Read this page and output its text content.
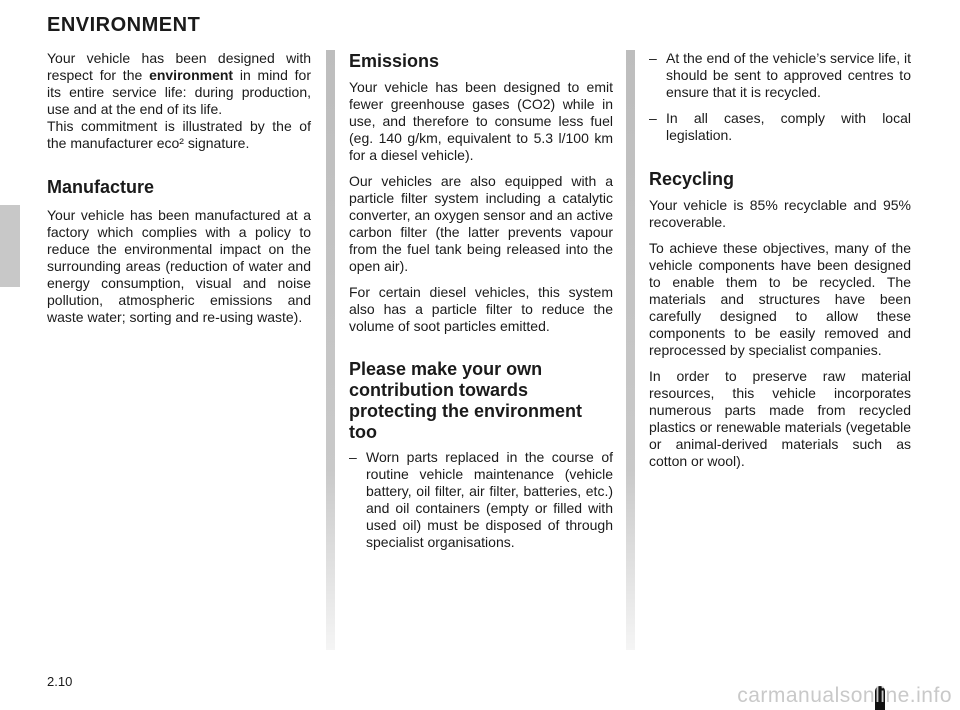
ENVIRONMENT

Your vehicle has been designed with respect for the environment in mind for its entire service life: during production, use and at the end of its life.
This commitment is illustrated by the of the manufacturer eco² signature.

Manufacture

Your vehicle has been manufactured at a factory which complies with a policy to reduce the environmental impact on the surrounding areas (reduction of water and energy consumption, visual and noise pollution, atmospheric emissions and waste water; sorting and re-using waste).

Emissions

Your vehicle has been designed to emit fewer greenhouse gases (CO2) while in use, and therefore to consume less fuel (eg. 140 g/km, equivalent to 5.3 l/100 km for a diesel vehicle).

Our vehicles are also equipped with a particle filter system including a catalytic converter, an oxygen sensor and an active carbon filter (the latter prevents vapour from the fuel tank being released into the open air).

For certain diesel vehicles, this system also has a particle filter to reduce the volume of soot particles emitted.

Please make your own contribution towards protecting the environment too
– Worn parts replaced in the course of routine vehicle maintenance (vehicle battery, oil filter, air filter, batteries, etc.) and oil containers (empty or filled with used oil) must be disposed of through specialist organisations.
– At the end of the vehicle’s service life, it should be sent to approved centres to ensure that it is recycled.
– In all cases, comply with local legislation.
Recycling

Your vehicle is 85% recyclable and 95% recoverable.

To achieve these objectives, many of the vehicle components have been designed to enable them to be recycled. The materials and structures have been carefully designed to allow these components to be easily removed and reprocessed by specialist companies.

In order to preserve raw material resources, this vehicle incorporates numerous parts made from recycled plastics or renewable materials (vegetable or animal-derived materials such as cotton or wool).

2.10
carmanualsonline.info
